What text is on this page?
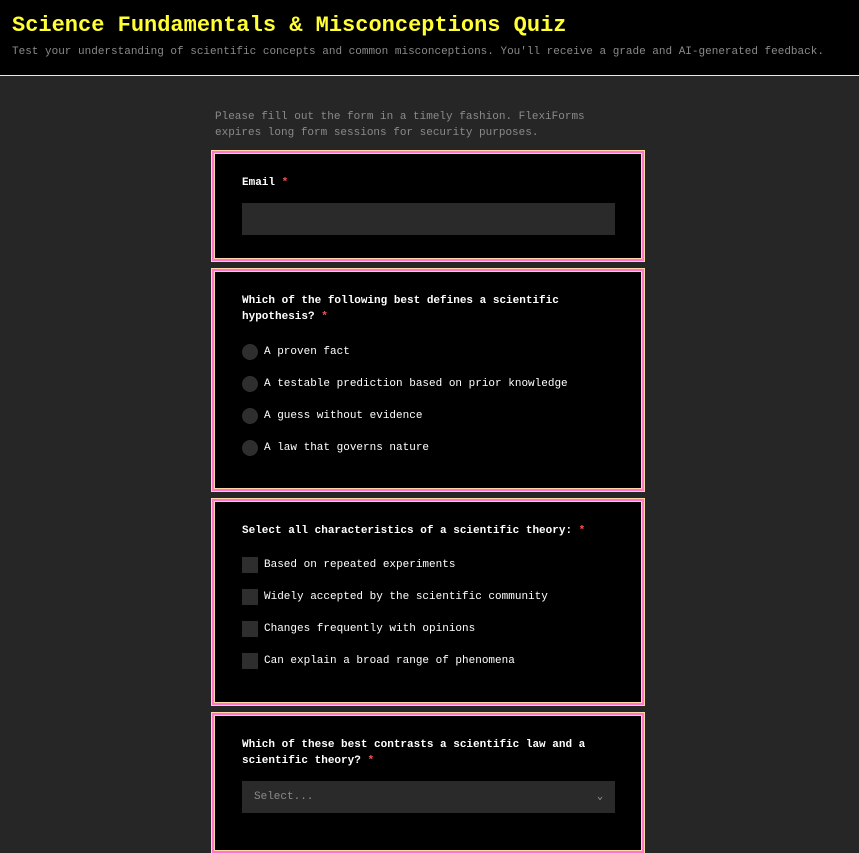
Science Fundamentals & Misconceptions Quiz
Test your understanding of scientific concepts and common misconceptions. You'll receive a grade and AI-generated feedback.
Please fill out the form in a timely fashion. FlexiForms expires long form sessions for security purposes.
Email *
Which of the following best defines a scientific hypothesis? *
A proven fact
A testable prediction based on prior knowledge
A guess without evidence
A law that governs nature
Select all characteristics of a scientific theory: *
Based on repeated experiments
Widely accepted by the scientific community
Changes frequently with opinions
Can explain a broad range of phenomena
Which of these best contrasts a scientific law and a scientific theory? *
Select...	⌄
